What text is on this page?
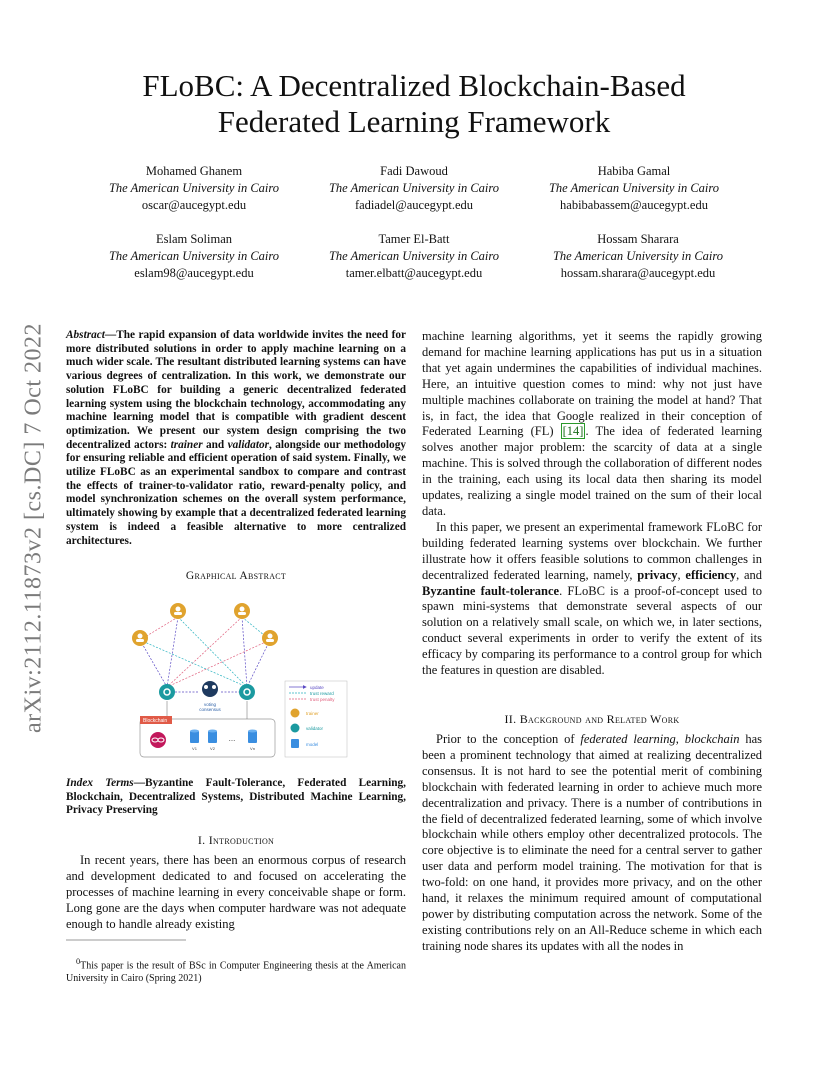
arXiv:2112.11873v2 [cs.DC] 7 Oct 2022
FLoBC: A Decentralized Blockchain-Based
Federated Learning Framework
Mohamed Ghanem
The American University in Cairo
oscar@aucegypt.edu
Fadi Dawoud
The American University in Cairo
fadiadel@aucegypt.edu
Habiba Gamal
The American University in Cairo
habibabassem@aucegypt.edu
Eslam Soliman
The American University in Cairo
eslam98@aucegypt.edu
Tamer El-Batt
The American University in Cairo
tamer.elbatt@aucegypt.edu
Hossam Sharara
The American University in Cairo
hossam.sharara@aucegypt.edu

Abstract—The rapid expansion of data worldwide invites the need for more distributed solutions in order to apply machine learning on a much wider scale. The resultant distributed learning systems can have various degrees of centralization. In this work, we demonstrate our solution FLoBC for building a generic decentralized federated learning system using the blockchain technology, accommodating any machine learning model that is compatible with gradient descent optimization. We present our system design comprising the two decentralized actors: trainer and validator, alongside our methodology for ensuring reliable and efficient operation of said system. Finally, we utilize FLoBC as an experimental sandbox to compare and contrast the effects of trainer-to-validator ratio, reward-penalty policy, and model synchronization schemes on the overall system performance, ultimately showing by example that a decentralized federated learning system is indeed a feasible alternative to more centralized architectures.

Graphical Abstract
voting
consensus
Blockchain
V1	V2
...
Vn
update
trust reward
trust penalty
trainer
validator
model

Index Terms—Byzantine Fault-Tolerance, Federated Learning, Blockchain, Decentralized Systems, Distributed Machine Learning, Privacy Preserving

I. Introduction

In recent years, there has been an enormous corpus of research and development dedicated to and focused on accelerating the processes of machine learning in every conceivable shape or form. Long gone are the days when computer hardware was not adequate enough to handle already existing

$^0$This paper is the result of BSc in Computer Engineering thesis at the American University in Cairo (Spring 2021)

machine learning algorithms, yet it seems the rapidly growing demand for machine learning applications has put us in a situation that yet again undermines the capabilities of individual machines. Here, an intuitive question comes to mind: why not just have multiple machines collaborate on training the model at hand? That is, in fact, the idea that Google realized in their conception of Federated Learning (FL) [14] . The idea of federated learning solves another major problem: the scarcity of data at a single machine. This is solved through the collaboration of different nodes in the training, each using its local data then sharing its model updates, realizing a single model trained on the sum of their local data.

In this paper, we present an experimental framework FLoBC for building federated learning systems over blockchain. We further illustrate how it offers feasible solutions to common challenges in decentralized federated learning, namely, privacy, efficiency, and Byzantine fault-tolerance. FLoBC is a proof-of-concept used to spawn mini-systems that demonstrate several aspects of our solution on a relatively small scale, on which we, in later sections, conduct several experiments in order to verify the extent of its efficacy by comparing its performance to a control group for which the features in question are disabled.

II. Background and Related Work

Prior to the conception of federated learning, blockchain has been a prominent technology that aimed at realizing decentralized consensus. It is not hard to see the potential merit of combining blockchain with federated learning in order to achieve much more decentralization and privacy. There is a number of contributions in the field of decentralized federated learning, some of which involve blockchain while others employ other decentralized protocols. The core objective is to eliminate the need for a central server to gather user data and perform model training. The motivation for that is two-fold: on one hand, it provides more privacy, and on the other hand, it relaxes the minimum required amount of computational power by distributing computation across the network. Some of the existing contributions rely on an All-Reduce scheme in which each training node shares its updates with all the nodes in
